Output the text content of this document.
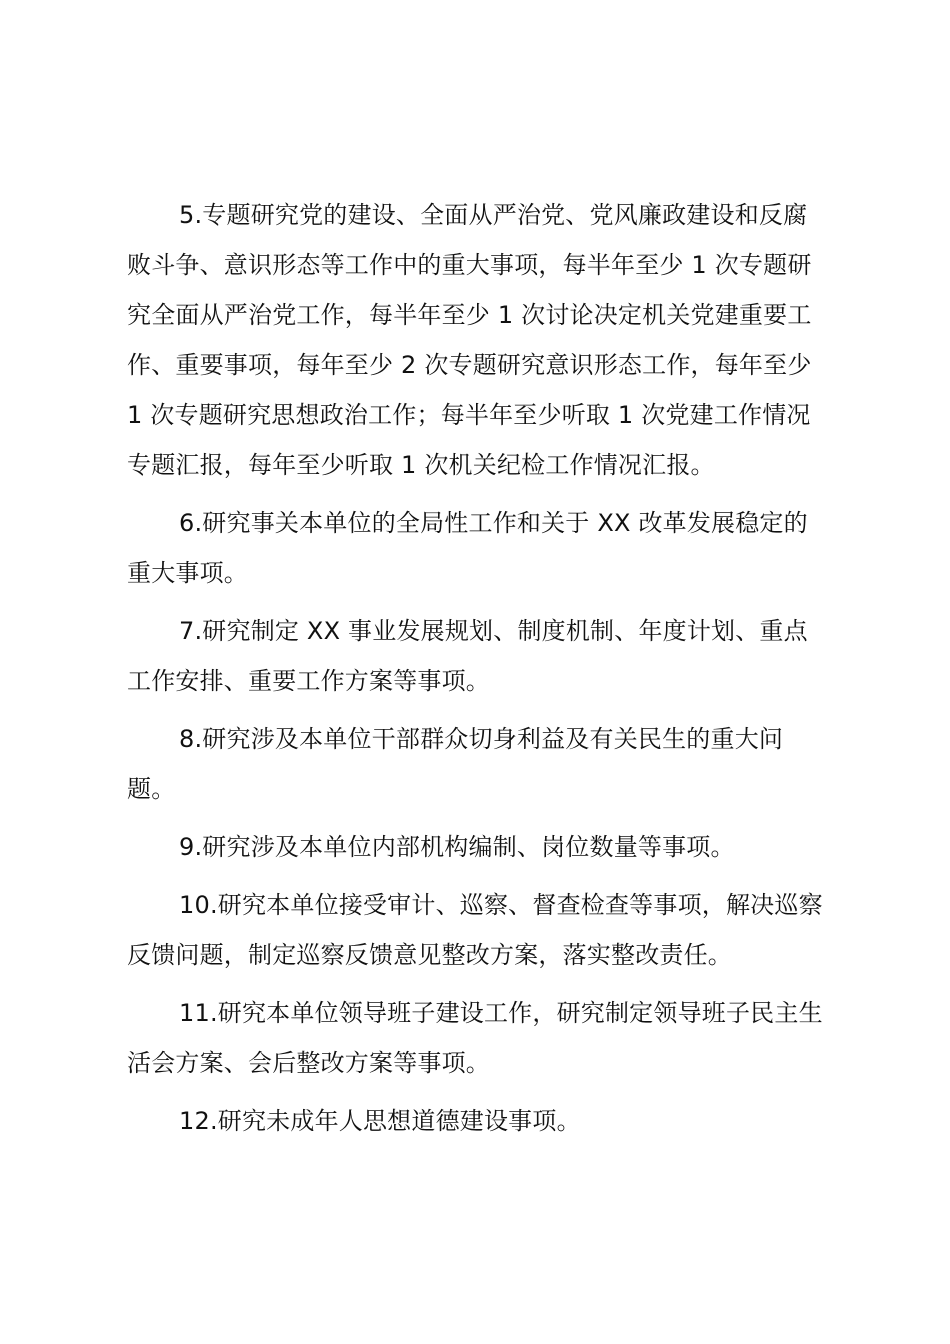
5.专题研究党的建设、全面从严治党、党风廉政建设和反腐败斗争、意识形态等工作中的重大事项，每半年至少 1 次专题研究全面从严治党工作，每半年至少 1 次讨论决定机关党建重要工作、重要事项，每年至少 2 次专题研究意识形态工作，每年至少 1 次专题研究思想政治工作；每半年至少听取 1 次党建工作情况专题汇报，每年至少听取 1 次机关纪检工作情况汇报。

6.研究事关本单位的全局性工作和关于 XX 改革发展稳定的重大事项。

7.研究制定 XX 事业发展规划、制度机制、年度计划、重点工作安排、重要工作方案等事项。

8.研究涉及本单位干部群众切身利益及有关民生的重大问题。

9.研究涉及本单位内部机构编制、岗位数量等事项。

10.研究本单位接受审计、巡察、督查检查等事项，解决巡察反馈问题，制定巡察反馈意见整改方案，落实整改责任。

11.研究本单位领导班子建设工作，研究制定领导班子民主生活会方案、会后整改方案等事项。

12.研究未成年人思想道德建设事项。
